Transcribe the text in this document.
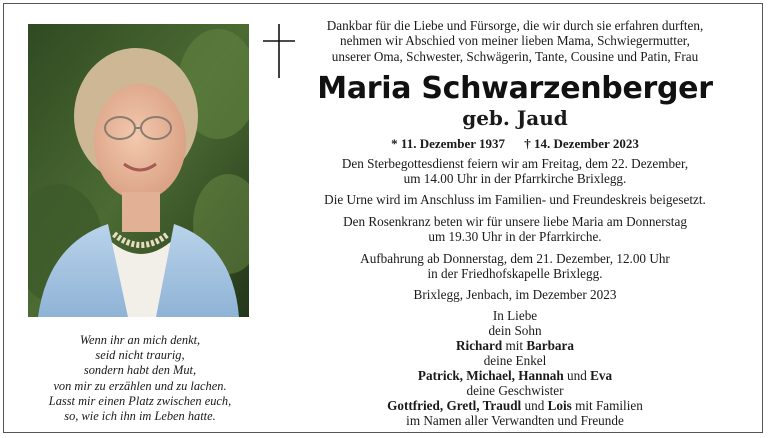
Wenn ihr an mich denkt,
seid nicht traurig,
sondern habt den Mut,
von mir zu erzählen und zu lachen.
Lasst mir einen Platz zwischen euch,
so, wie ich ihn im Leben hatte.
Dankbar für die Liebe und Fürsorge, die wir durch sie erfahren durften,
nehmen wir Abschied von meiner lieben Mama, Schwiegermutter,
unserer Oma, Schwester, Schwägerin, Tante, Cousine und Patin, Frau
Maria Schwarzenberger
geb. Jaud
* 11. Dezember 1937 † 14. Dezember 2023
Den Sterbegottesdienst feiern wir am Freitag, dem 22. Dezember,
um 14.00 Uhr in der Pfarrkirche Brixlegg.
Die Urne wird im Anschluss im Familien- und Freundeskreis beigesetzt.
Den Rosenkranz beten wir für unsere liebe Maria am Donnerstag
um 19.30 Uhr in der Pfarrkirche.
Aufbahrung ab Donnerstag, dem 21. Dezember, 12.00 Uhr
in der Friedhofskapelle Brixlegg.
Brixlegg, Jenbach, im Dezember 2023
In Liebe
dein Sohn
Richard mit Barbara
deine Enkel
Patrick, Michael, Hannah und Eva
deine Geschwister
Gottfried, Gretl, Traudl und Lois mit Familien
im Namen aller Verwandten und Freunde
